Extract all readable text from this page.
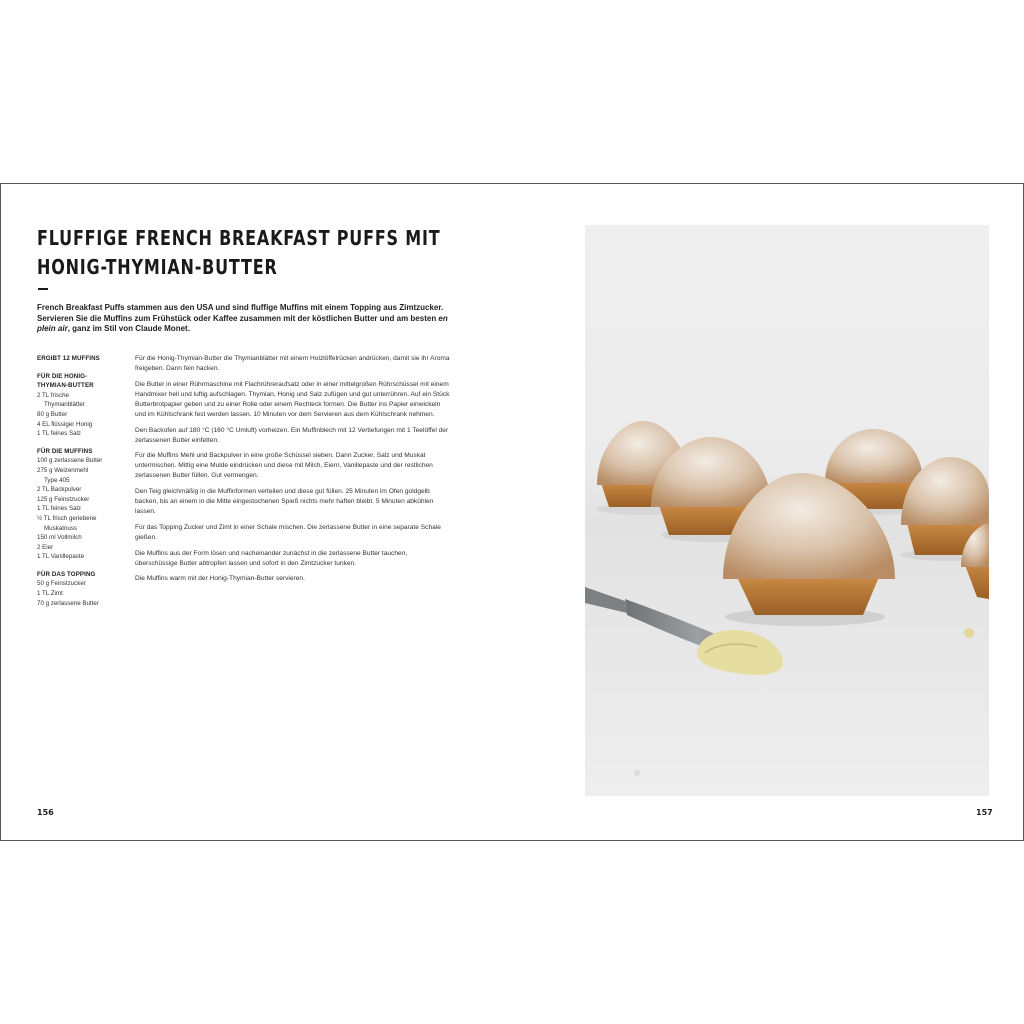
FLUFFIGE FRENCH BREAKFAST PUFFS MIT
HONIG-THYMIAN-BUTTER
French Breakfast Puffs stammen aus den USA und sind fluffige Muffins mit einem Topping aus Zimtzucker. Servieren Sie die Muffins zum Frühstück oder Kaffee zusammen mit der köstlichen Butter und am besten en plein air, ganz im Stil von Claude Monet.
ERGIBT 12 MUFFINS
FÜR DIE HONIG-
THYMIAN-BUTTER
2 TL frische
Thymianblätter
80 g Butter
4 EL flüssiger Honig
1 TL feines Salz
FÜR DIE MUFFINS
100 g zerlassene Butter
275 g Weizenmehl
Type 405
2 TL Backpulver
125 g Feinstzucker
1 TL feines Salz
½ TL frisch geriebene
Muskatnuss
150 ml Vollmilch
2 Eier
1 TL Vanillepaste
FÜR DAS TOPPING
50 g Feinstzucker
1 TL Zimt
70 g zerlassene Butter

Für die Honig-Thymian-Butter die Thymianblätter mit einem Holzlöffelrücken andrücken, damit sie ihr Aroma freigeben. Dann fein hacken.

Die Butter in einer Rührmaschine mit Flachrühreraufsatz oder in einer mittelgroßen Rührschüssel mit einem Handmixer hell und luftig aufschlagen. Thymian, Honig und Salz zufügen und gut unterrühren. Auf ein Stück Butterbrotpapier geben und zu einer Rolle oder einem Rechteck formen. Die Butter ins Papier einwickeln und im Kühlschrank fest werden lassen. 10 Minuten vor dem Servieren aus dem Kühlschrank nehmen.

Den Backofen auf 180 °C (160 °C Umluft) vorheizen. Ein Muffinblech mit 12 Vertiefungen mit 1 Teelöffel der zerlassenen Butter einfetten.

Für die Muffins Mehl und Backpulver in eine große Schüssel sieben. Dann Zucker, Salz und Muskat untermischen. Mittig eine Mulde eindrücken und diese mit Milch, Eiern, Vanillepaste und der restlichen zerlassenen Butter füllen. Gut vermengen.

Den Teig gleichmäßig in die Muffinformen verteilen und diese gut füllen. 25 Minuten im Ofen goldgelb backen, bis an einem in die Mitte eingestochenen Spieß nichts mehr haften bleibt. 5 Minuten abkühlen lassen.

Für das Topping Zucker und Zimt in einer Schale mischen. Die zerlassene Butter in eine separate Schale gießen.

Die Muffins aus der Form lösen und nacheinander zunächst in die zerlassene Butter tauchen, überschüssige Butter abtropfen lassen und sofort in den Zimtzucker tunken.

Die Muffins warm mit der Honig-Thymian-Butter servieren.

156	157
